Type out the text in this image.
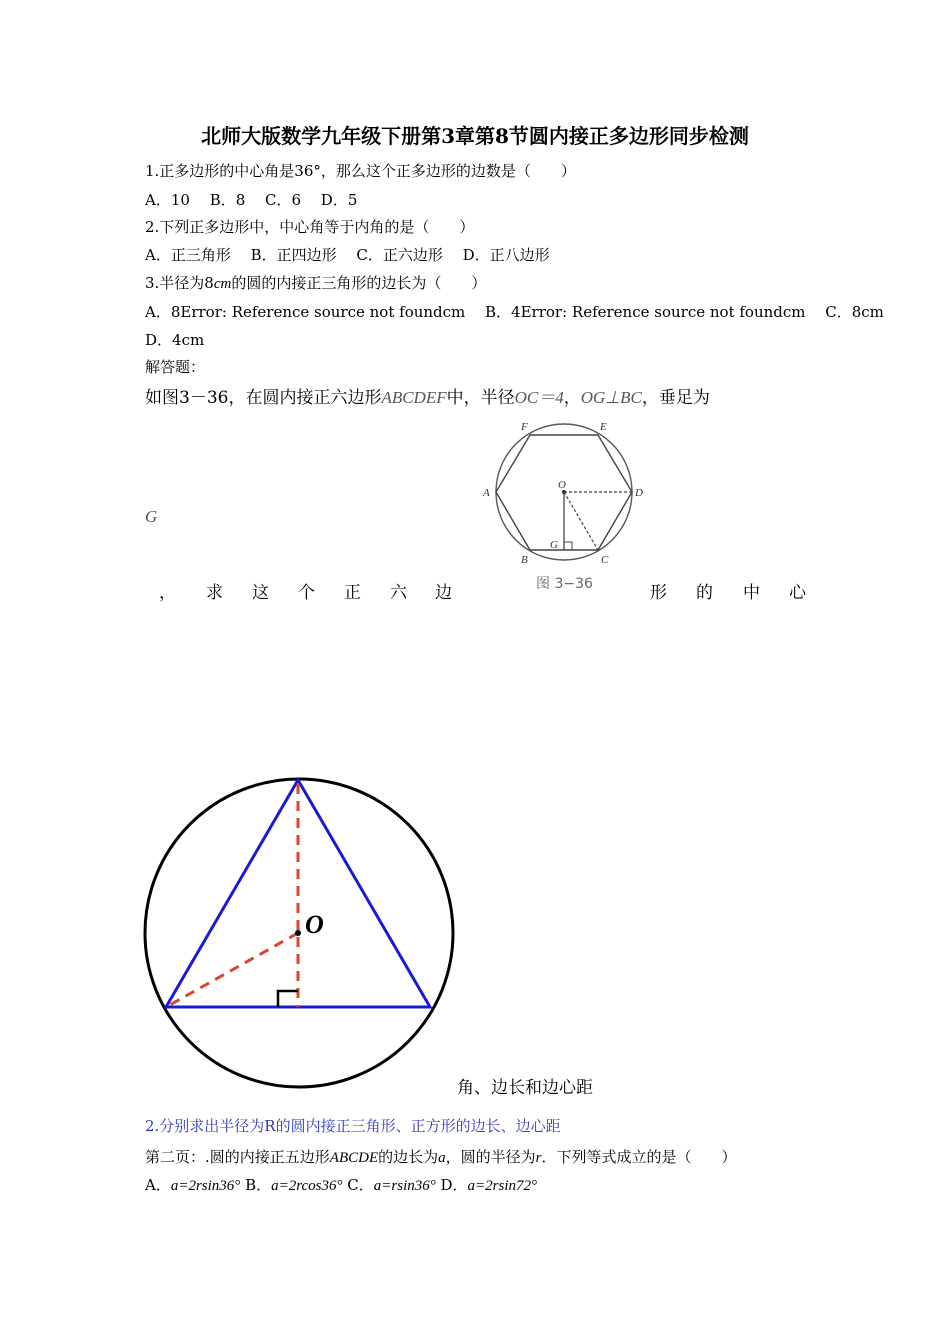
北师大版数学九年级下册第3章第8节圆内接正多边形同步检测
1.正多边形的中心角是36°，那么这个正多边形的边数是（　　）
A．10　 B．8　 C．6　 D．5
2.下列正多边形中，中心角等于内角的是（　　）
A．正三角形　 B．正四边形　 C．正六边形　 D．正八边形
3.半径为8cm的圆的内接正三角形的边长为（　　）
A．8Error: Reference source not foundcm　 B．4Error: Reference source not foundcm　 C．8cm
D．4cm
解答题：
如图3－36，在圆内接正六边形ABCDEF中，半径OC＝4，OG⊥BC，垂足为
G
F	E
A
O
D
G
B	C
图 3−36
， 求 这 个 正 六 边	形 的 中 心
O
角、边长和边心距
2.分别求出半径为R的圆内接正三角形、正方形的边长、边心距
第二页：.圆的内接正五边形ABCDE的边长为a，圆的半径为r．下列等式成立的是（　　）
A．a=2rsin36° B．a=2rcos36° C．a=rsin36° D．a=2rsin72°
